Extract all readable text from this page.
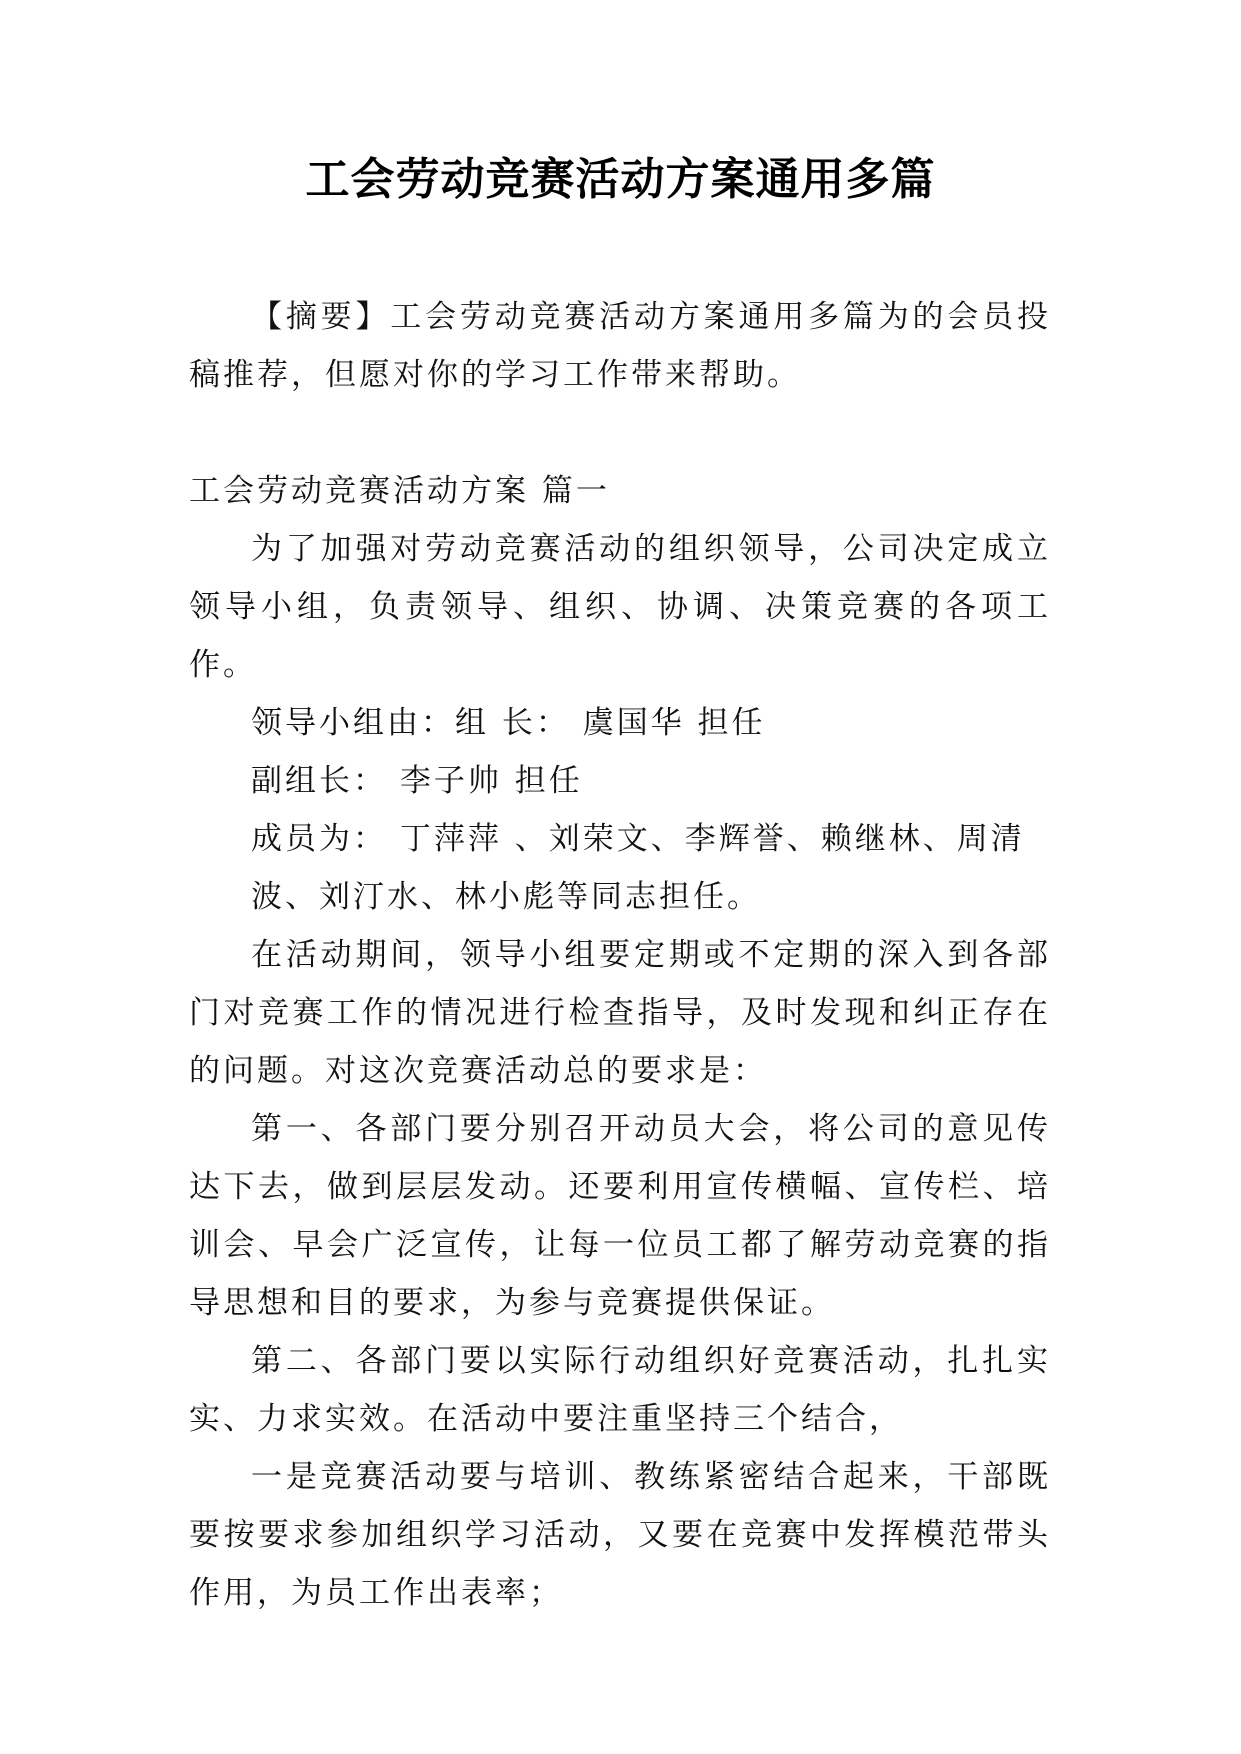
工会劳动竞赛活动方案通用多篇

【摘要】工会劳动竞赛活动方案通用多篇为的会员投稿推荐，但愿对你的学习工作带来帮助。

工会劳动竞赛活动方案 篇一

为了加强对劳动竞赛活动的组织领导，公司决定成立领导小组，负责领导、组织、协调、决策竞赛的各项工作。

领导小组由：组 长： 虞国华 担任

副组长： 李子帅 担任

成员为： 丁萍萍 、刘荣文、李辉誉、赖继林、周清波、刘汀水、林小彪等同志担任。

在活动期间，领导小组要定期或不定期的深入到各部门对竞赛工作的情况进行检查指导，及时发现和纠正存在的问题。对这次竞赛活动总的要求是：

第一、各部门要分别召开动员大会，将公司的意见传达下去，做到层层发动。还要利用宣传横幅、宣传栏、培训会、早会广泛宣传，让每一位员工都了解劳动竞赛的指导思想和目的要求，为参与竞赛提供保证。

第二、各部门要以实际行动组织好竞赛活动，扎扎实实、力求实效。在活动中要注重坚持三个结合，

一是竞赛活动要与培训、教练紧密结合起来，干部既要按要求参加组织学习活动，又要在竞赛中发挥模范带头作用，为员工作出表率；
